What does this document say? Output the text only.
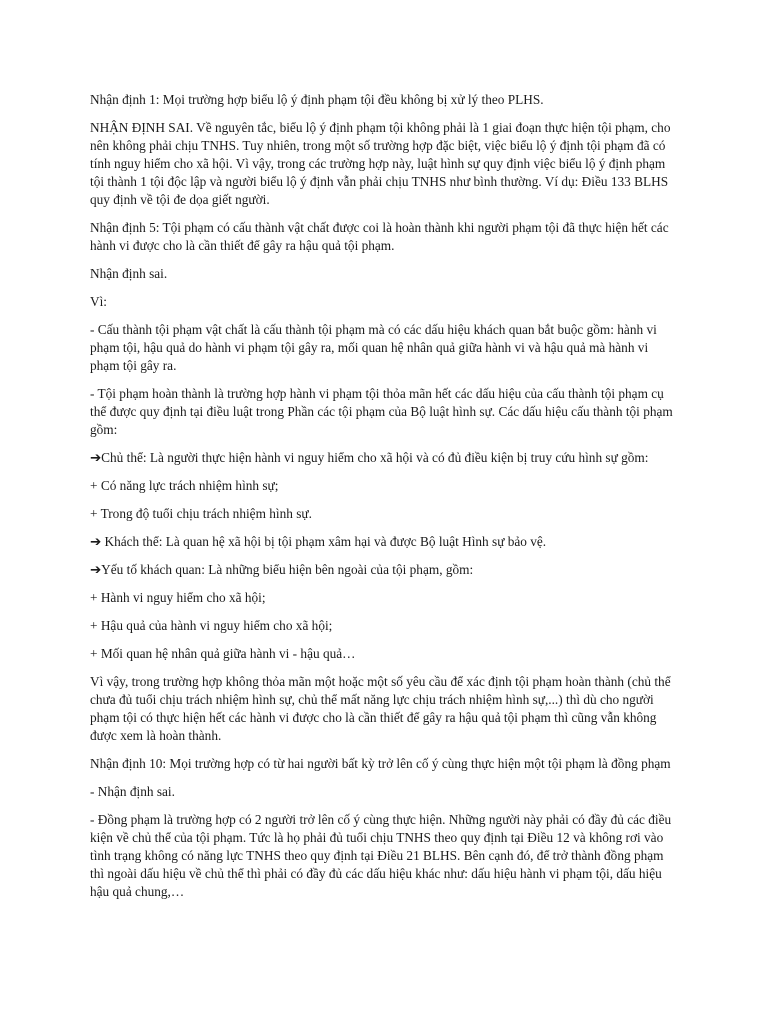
Nhận định 1: Mọi trường hợp biểu lộ ý định phạm tội đều không bị xử lý theo PLHS.

NHẬN ĐỊNH SAI. Về nguyên tắc, biểu lộ ý định phạm tội không phải là 1 giai đoạn thực hiện tội phạm, cho nên không phải chịu TNHS. Tuy nhiên, trong một số trường hợp đặc biệt, việc biểu lộ ý định tội phạm đã có tính nguy hiểm cho xã hội. Vì vậy, trong các trường hợp này, luật hình sự quy định việc biểu lộ ý định phạm tội thành 1 tội độc lập và người biểu lộ ý định vẫn phải chịu TNHS như bình thường. Ví dụ: Điều 133 BLHS quy định về tội đe dọa giết người.

Nhận định 5: Tội phạm có cấu thành vật chất được coi là hoàn thành khi người phạm tội đã thực hiện hết các hành vi được cho là cần thiết để gây ra hậu quả tội phạm.

Nhận định sai.

Vì:

- Cấu thành tội phạm vật chất là cấu thành tội phạm mà có các dấu hiệu khách quan bắt buộc gồm: hành vi phạm tội, hậu quả do hành vi phạm tội gây ra, mối quan hệ nhân quả giữa hành vi và hậu quả mà hành vi phạm tội gây ra.

- Tội phạm hoàn thành là trường hợp hành vi phạm tội thỏa mãn hết các dấu hiệu của cấu thành tội phạm cụ thể được quy định tại điều luật trong Phần các tội phạm của Bộ luật hình sự. Các dấu hiệu cấu thành tội phạm gồm:

➔Chủ thể: Là người thực hiện hành vi nguy hiểm cho xã hội và có đủ điều kiện bị truy cứu hình sự gồm:

+ Có năng lực trách nhiệm hình sự;

+ Trong độ tuổi chịu trách nhiệm hình sự.

➔ Khách thể: Là quan hệ xã hội bị tội phạm xâm hại và được Bộ luật Hình sự bảo vệ.

➔Yếu tố khách quan: Là những biểu hiện bên ngoài của tội phạm, gồm:

+ Hành vi nguy hiểm cho xã hội;

+ Hậu quả của hành vi nguy hiểm cho xã hội;

+ Mối quan hệ nhân quả giữa hành vi - hậu quả…

Vì vậy, trong trường hợp không thỏa mãn một hoặc một số yêu cầu để xác định tội phạm hoàn thành (chủ thể chưa đủ tuổi chịu trách nhiệm hình sự, chủ thể mất năng lực chịu trách nhiệm hình sự,...) thì dù cho người phạm tội có thực hiện hết các hành vi được cho là cần thiết để gây ra hậu quả tội phạm thì cũng vẫn không được xem là hoàn thành.

Nhận định 10: Mọi trường hợp có từ hai người bất kỳ trở lên cố ý cùng thực hiện một tội phạm là đồng phạm

- Nhận định sai.

- Đồng phạm là trường hợp có 2 người trở lên cố ý cùng thực hiện. Những người này phải có đầy đủ các điều kiện về chủ thể của tội phạm. Tức là họ phải đủ tuổi chịu TNHS theo quy định tại Điều 12 và không rơi vào tình trạng không có năng lực TNHS theo quy định tại Điều 21 BLHS. Bên cạnh đó, để trở thành đồng phạm thì ngoài dấu hiệu về chủ thể thì phải có đầy đủ các dấu hiệu khác như: dấu hiệu hành vi phạm tội, dấu hiệu hậu quả chung,…
